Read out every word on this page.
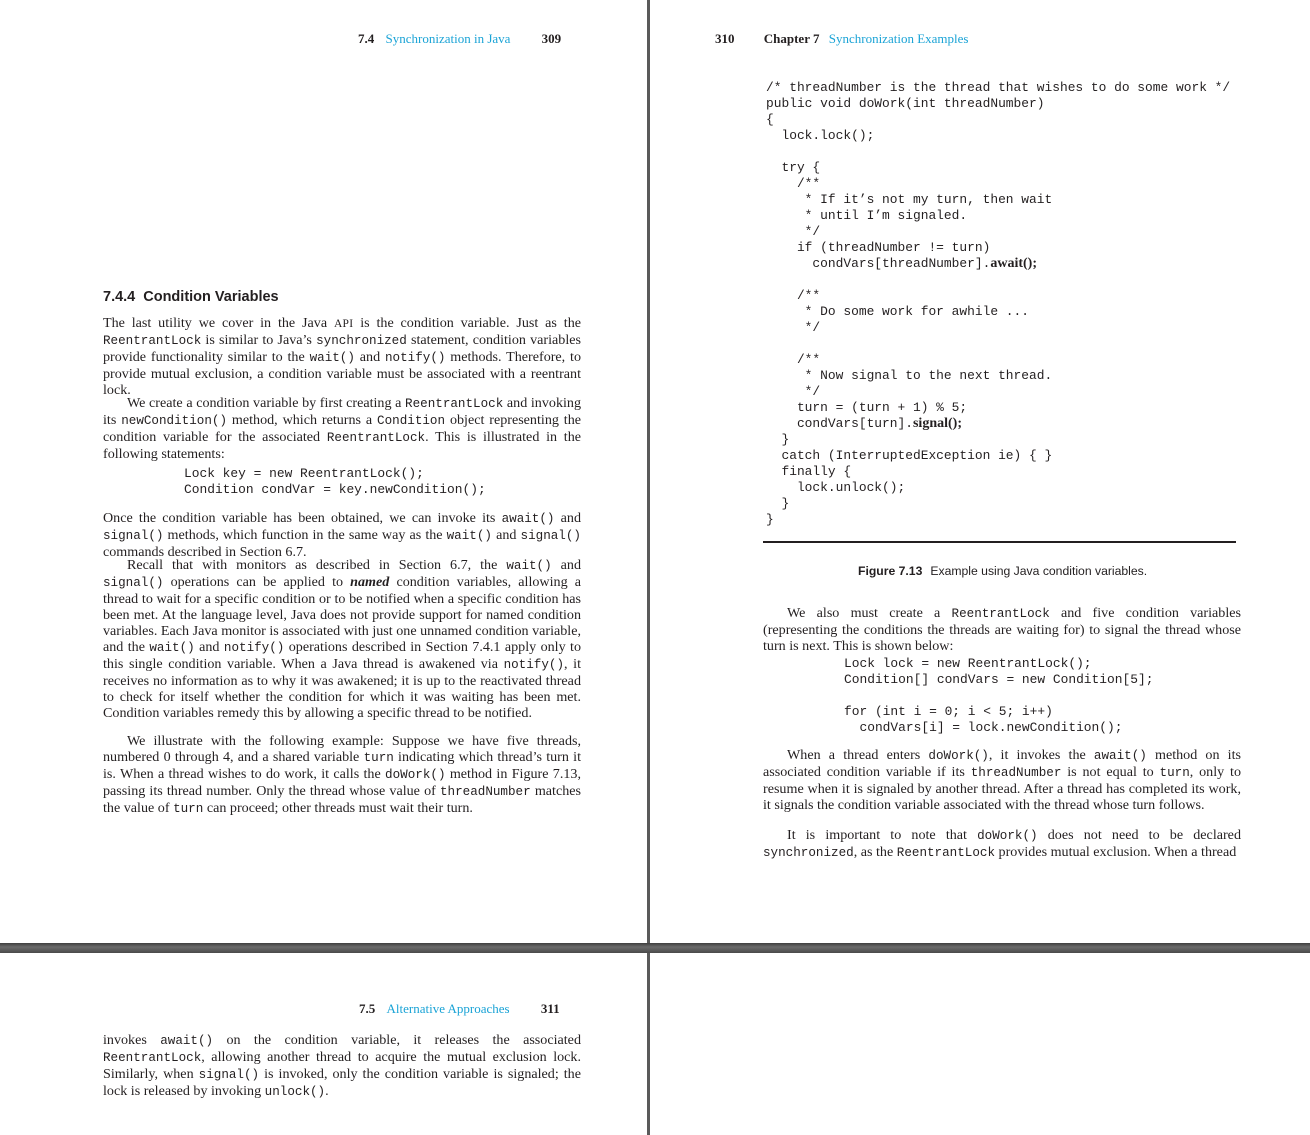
7.4 Synchronization in Java 309
7.4.4 Condition Variables

The last utility we cover in the Java API is the condition variable. Just as the ReentrantLock is similar to Java’s synchronized statement, condition variables provide functionality similar to the wait() and notify() methods. Therefore, to provide mutual exclusion, a condition variable must be associated with a reentrant lock.

We create a condition variable by first creating a ReentrantLock and invoking its newCondition() method, which returns a Condition object representing the condition variable for the associated ReentrantLock. This is illustrated in the following statements:

Lock key = new ReentrantLock();
Condition condVar = key.newCondition();

Once the condition variable has been obtained, we can invoke its await() and signal() methods, which function in the same way as the wait() and signal() commands described in Section 6.7.

Recall that with monitors as described in Section 6.7, the wait() and signal() operations can be applied to named condition variables, allowing a thread to wait for a specific condition or to be notified when a specific condition has been met. At the language level, Java does not provide support for named condition variables. Each Java monitor is associated with just one unnamed condition variable, and the wait() and notify() operations described in Section 7.4.1 apply only to this single condition variable. When a Java thread is awakened via notify(), it receives no information as to why it was awakened; it is up to the reactivated thread to check for itself whether the condition for which it was waiting has been met. Condition variables remedy this by allowing a specific thread to be notified.

We illustrate with the following example: Suppose we have five threads, numbered 0 through 4, and a shared variable turn indicating which thread’s turn it is. When a thread wishes to do work, it calls the doWork() method in Figure 7.13, passing its thread number. Only the thread whose value of threadNumber matches the value of turn can proceed; other threads must wait their turn.

310 Chapter 7 Synchronization Examples
/* threadNumber is the thread that wishes to do some work */
public void doWork(int threadNumber)
{
lock.lock();
try {
/**
* If it’s not my turn, then wait
* until I’m signaled.
*/
if (threadNumber != turn)
condVars[threadNumber].await();
/**
* Do some work for awhile ...
*/
/**
* Now signal to the next thread.
*/
turn = (turn + 1) % 5;
condVars[turn].signal();
}
catch (InterruptedException ie) { }
finally {
lock.unlock();
}
}
Figure 7.13 Example using Java condition variables.

We also must create a ReentrantLock and five condition variables (representing the conditions the threads are waiting for) to signal the thread whose turn is next. This is shown below:

Lock lock = new ReentrantLock();
Condition[] condVars = new Condition[5];

for (int i = 0; i < 5; i++)
condVars[i] = lock.newCondition();

When a thread enters doWork(), it invokes the await() method on its associated condition variable if its threadNumber is not equal to turn, only to resume when it is signaled by another thread. After a thread has completed its work, it signals the condition variable associated with the thread whose turn follows.

It is important to note that doWork() does not need to be declared synchronized, as the ReentrantLock provides mutual exclusion. When a thread

7.5 Alternative Approaches 311

invokes await() on the condition variable, it releases the associated ReentrantLock, allowing another thread to acquire the mutual exclusion lock. Similarly, when signal() is invoked, only the condition variable is signaled; the lock is released by invoking unlock().
